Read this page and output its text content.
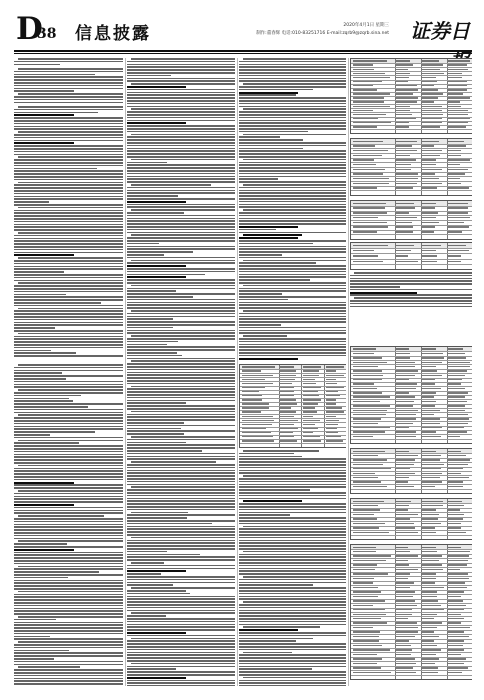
D
38 信息披露	2020年4月1日 星期三
制作:董春辉 电话:010-83251716 E-mail:zqrb9@zqrb.sina.net	证券日
